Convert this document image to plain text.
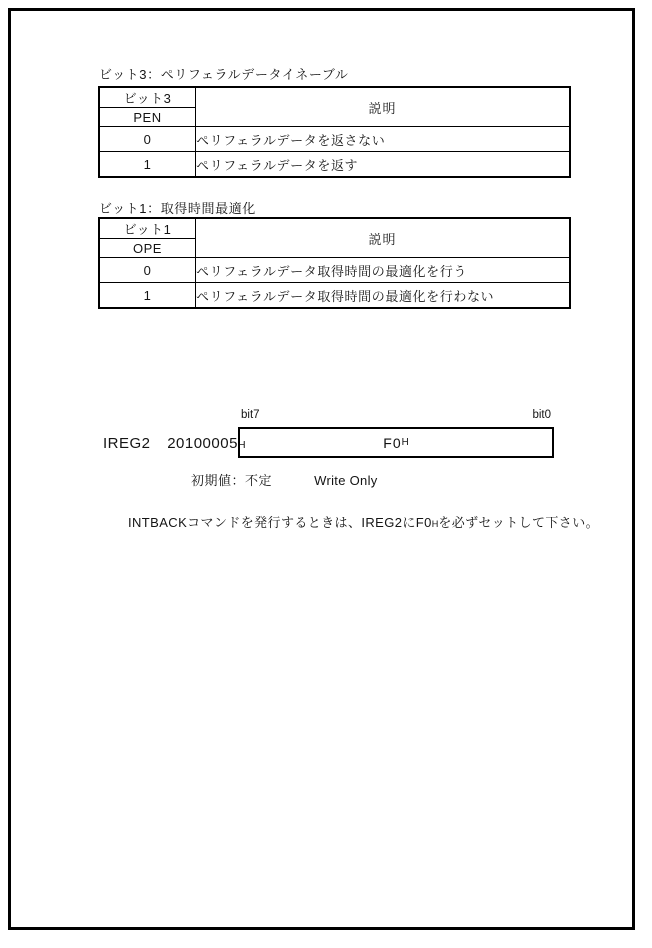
ビット3：ペリフェラルデータイネーブル
ビット3	説明
PEN	
0	ペリフェラルデータを返さない
1	ペリフェラルデータを返す
ビット1：取得時間最適化
ビット1	説明
OPE	
0	ペリフェラルデータ取得時間の最適化を行う
1	ペリフェラルデータ取得時間の最適化を行わない
bit7	bit0
IREG2 20100005H	F0 H
初期値：不定	Write Only
INTBACKコマンドを発行するときは、IREG2にF0Hを必ずセットして下さい。
